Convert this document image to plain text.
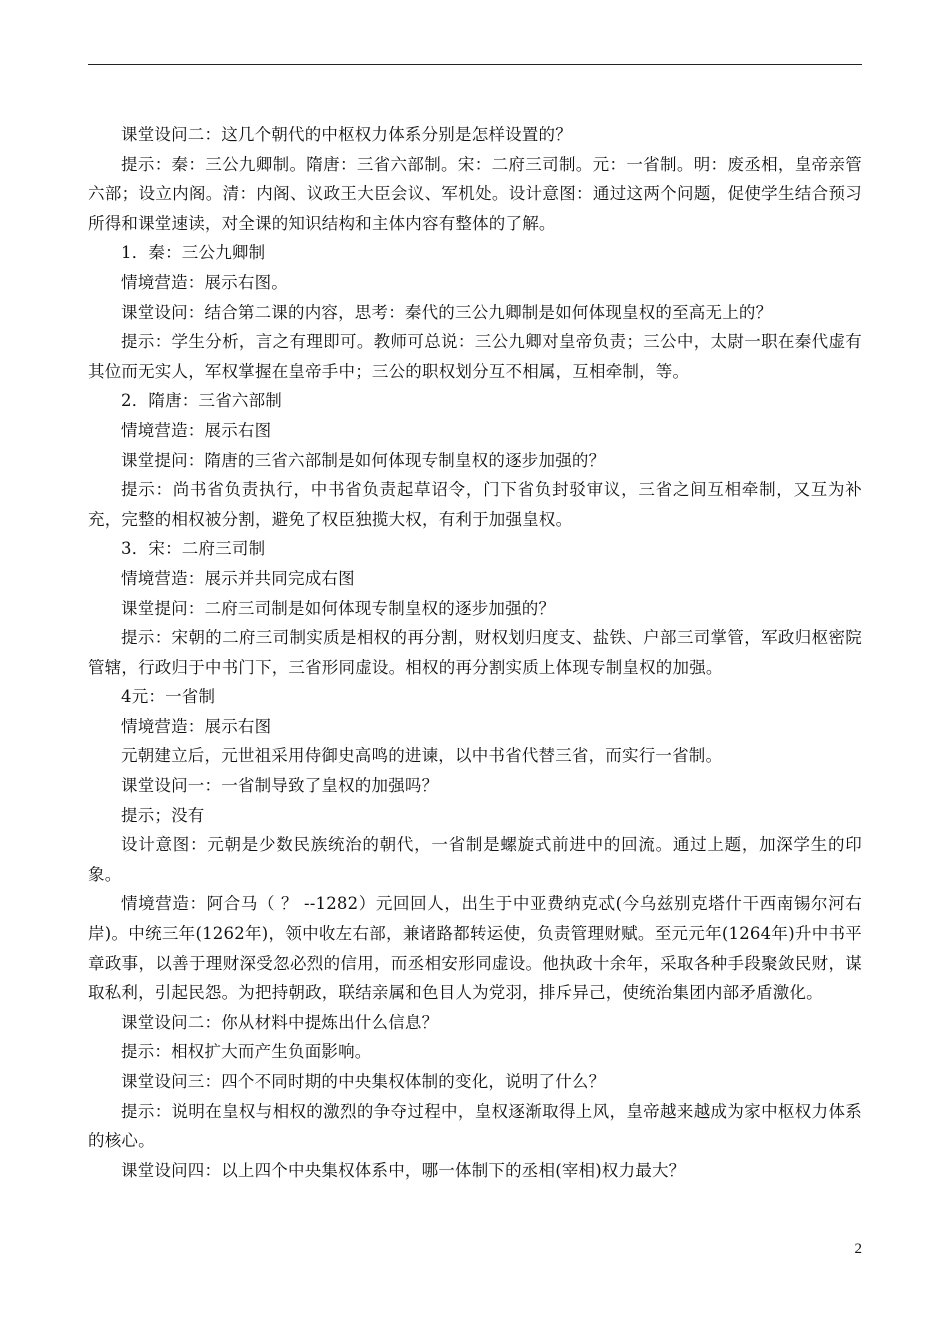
课堂设问二：这几个朝代的中枢权力体系分别是怎样设置的？

提示：秦：三公九卿制。隋唐：三省六部制。宋：二府三司制。元：一省制。明：废丞相，皇帝亲管六部；设立内阁。清：内阁、议政王大臣会议、军机处。设计意图：通过这两个问题，促使学生结合预习所得和课堂速读，对全课的知识结构和主体内容有整体的了解。

1．秦：三公九卿制

情境营造：展示右图。

课堂设问：结合第二课的内容，思考：秦代的三公九卿制是如何体现皇权的至高无上的？

提示：学生分析，言之有理即可。教师可总说：三公九卿对皇帝负责；三公中，太尉一职在秦代虚有其位而无实人，军权掌握在皇帝手中；三公的职权划分互不相属，互相牵制，等。

2．隋唐：三省六部制

情境营造：展示右图

课堂提问：隋唐的三省六部制是如何体现专制皇权的逐步加强的？

提示：尚书省负责执行，中书省负责起草诏令，门下省负封驳审议，三省之间互相牵制，又互为补充，完整的相权被分割，避免了权臣独揽大权，有利于加强皇权。

3．宋：二府三司制

情境营造：展示并共同完成右图

课堂提问：二府三司制是如何体现专制皇权的逐步加强的？

提示：宋朝的二府三司制实质是相权的再分割，财权划归度支、盐铁、户部三司掌管，军政归枢密院管辖，行政归于中书门下，三省形同虚设。相权的再分割实质上体现专制皇权的加强。

4元：一省制

情境营造：展示右图

元朝建立后，元世祖采用侍御史高鸣的进谏，以中书省代替三省，而实行一省制。

课堂设问一：一省制导致了皇权的加强吗？

提示；没有

设计意图：元朝是少数民族统治的朝代，一省制是螺旋式前进中的回流。通过上题，加深学生的印象。

情境营造：阿合马（ ？ --1282）元回回人，出生于中亚费纳克忒(今乌兹别克塔什干西南锡尔河右岸)。中统三年(1262年)，领中收左右部，兼诸路都转运使，负责管理财赋。至元元年(1264年)升中书平章政事，以善于理财深受忽必烈的信用，而丞相安形同虚设。他执政十余年，采取各种手段聚敛民财，谋取私利，引起民怨。为把持朝政，联结亲属和色目人为党羽，排斥异己，使统治集团内部矛盾激化。

课堂设问二：你从材料中提炼出什么信息？

提示：相权扩大而产生负面影响。

课堂设问三：四个不同时期的中央集权体制的变化，说明了什么？

提示：说明在皇权与相权的激烈的争夺过程中，皇权逐渐取得上风，皇帝越来越成为家中枢权力体系的核心。

课堂设问四：以上四个中央集权体系中，哪一体制下的丞相(宰相)权力最大？

2
